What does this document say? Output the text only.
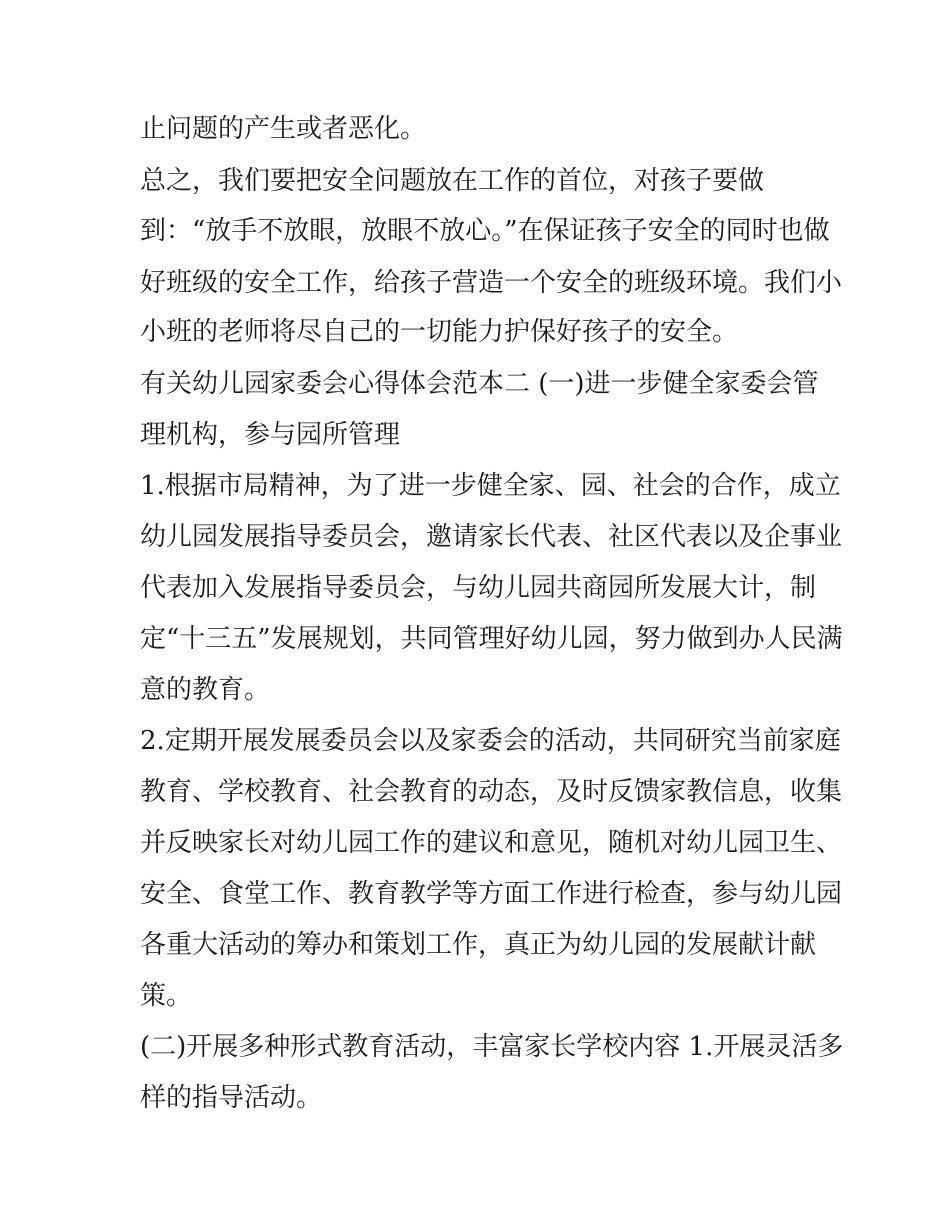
止问题的产生或者恶化。
总之，我们要把安全问题放在工作的首位，对孩子要做
到：“放手不放眼，放眼不放心。”在保证孩子安全的同时也做
好班级的安全工作，给孩子营造一个安全的班级环境。我们小
小班的老师将尽自己的一切能力护保好孩子的安全。
有关幼儿园家委会心得体会范本二 (一)进一步健全家委会管
理机构，参与园所管理
1.根据市局精神，为了进一步健全家、园、社会的合作，成立
幼儿园发展指导委员会，邀请家长代表、社区代表以及企事业
代表加入发展指导委员会，与幼儿园共商园所发展大计，制
定“十三五”发展规划，共同管理好幼儿园，努力做到办人民满
意的教育。
2.定期开展发展委员会以及家委会的活动，共同研究当前家庭
教育、学校教育、社会教育的动态，及时反馈家教信息，收集
并反映家长对幼儿园工作的建议和意见，随机对幼儿园卫生、
安全、食堂工作、教育教学等方面工作进行检查，参与幼儿园
各重大活动的筹办和策划工作，真正为幼儿园的发展献计献
策。
(二)开展多种形式教育活动，丰富家长学校内容 1.开展灵活多
样的指导活动。
